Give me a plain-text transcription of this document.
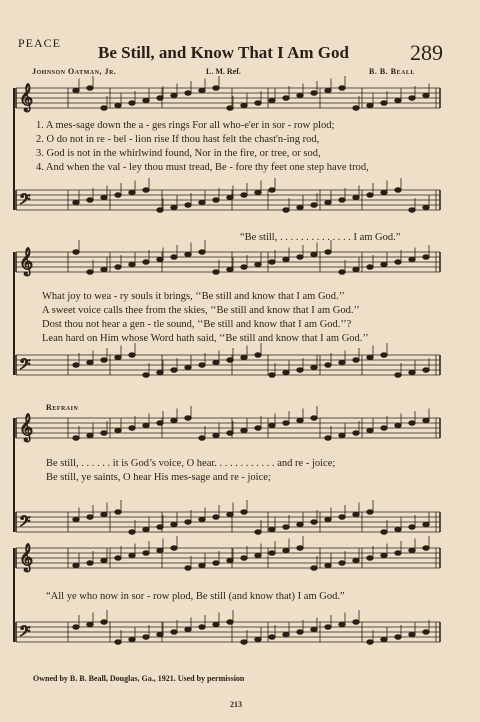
PEACE Be Still, and Know That I Am God	289
Johnson Oatman, Jr.	L. M. Ref.	B. B. Beall
𝄞
𝄢
𝄞
𝄢
𝄞
𝄢
𝄞
𝄢
1. A mes-sage down the a - ges rings For all who-e'er in sor - row plod;
2. O do not in re - bel - lion rise If thou hast felt the chast'n-ing rod,
3. God is not in the whirlwind found, Nor in the fire, or tree, or sod,
4. And when the val - ley thou must tread, Be - fore thy feet one step have trod,
“Be still, . . . . . . . . . . . . . . I am God.”
What joy to wea - ry souls it brings, ‘‘Be still and know that I am God.’’
A sweet voice calls thee from the skies, ‘‘Be still and know that I am God.’’
Dost thou not hear a gen - tle sound, ‘‘Be still and know that I am God.’’?
Lean hard on Him whose Word hath said, ‘‘Be still and know that I am God.’’
Refrain
Be still, . . . . . . it is God’s voice, O hear. . . . . . . . . . . . and re - joice;
Be still, ye saints, O hear His mes-sage and re - joice;
“All ye who now in sor - row plod, Be still (and know that) I am God.”
Owned by B. B. Beall, Douglas, Ga., 1921. Used by permission
213
